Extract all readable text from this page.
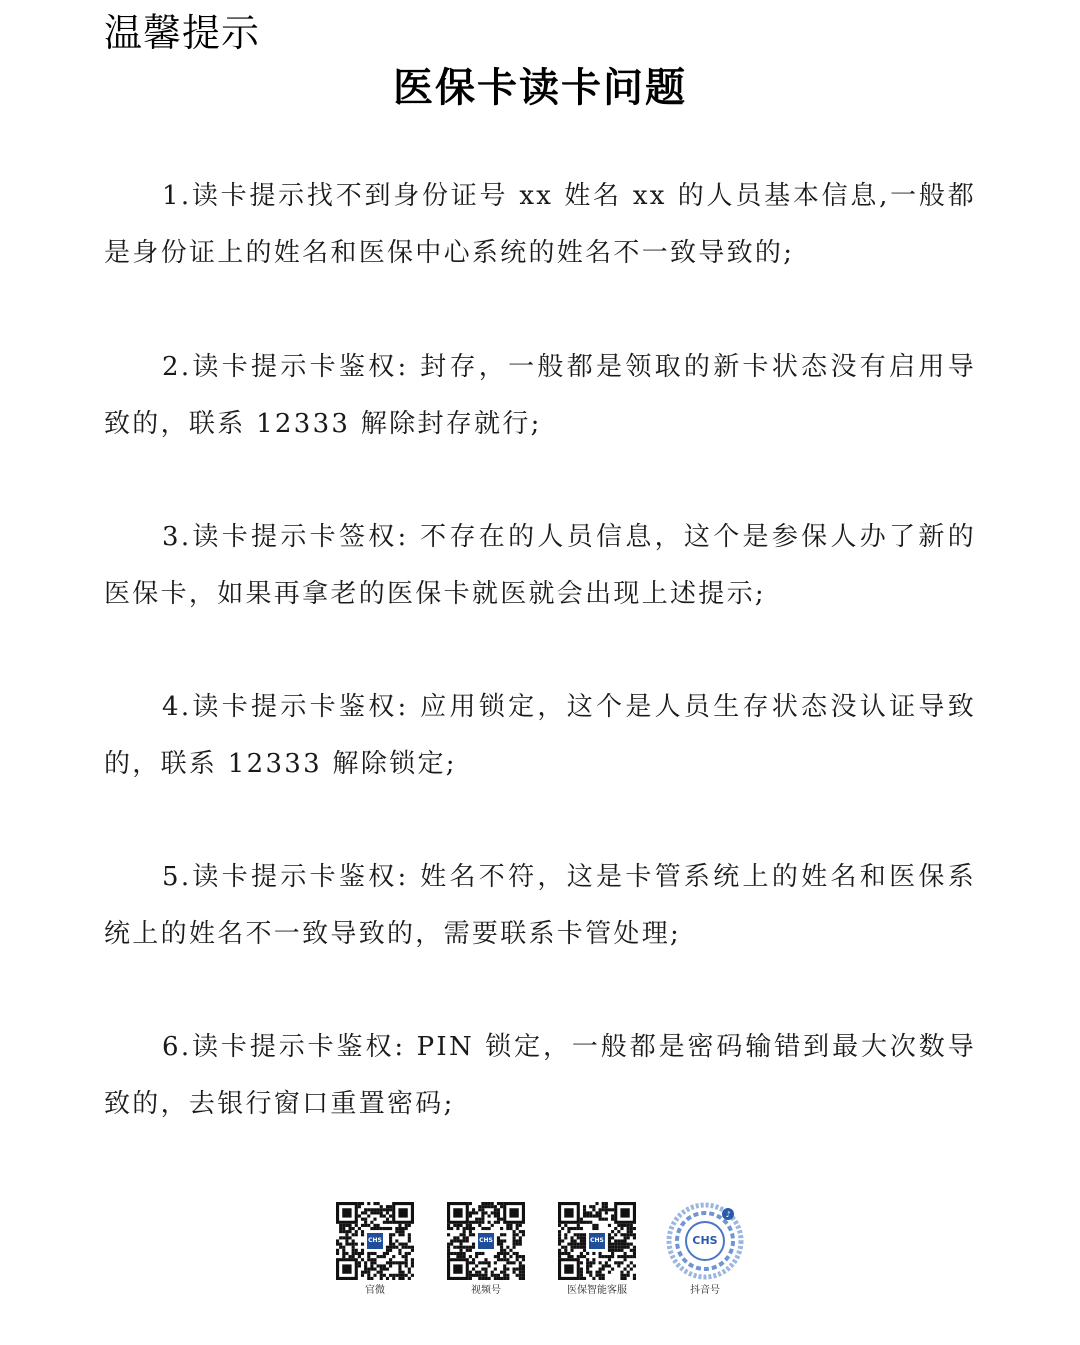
温馨提示
医保卡读卡问题
1.读卡提示找不到身份证号 xx 姓名 xx 的人员基本信息,一般都是身份证上的姓名和医保中心系统的姓名不一致导致的;
2.读卡提示卡鉴权: 封存，一般都是领取的新卡状态没有启用导致的，联系 12333 解除封存就行;
3.读卡提示卡签权: 不存在的人员信息，这个是参保人办了新的医保卡，如果再拿老的医保卡就医就会出现上述提示;
4.读卡提示卡鉴权: 应用锁定，这个是人员生存状态没认证导致的，联系 12333 解除锁定;
5.读卡提示卡鉴权: 姓名不符，这是卡管系统上的姓名和医保系统上的姓名不一致导致的，需要联系卡管处理;
6.读卡提示卡鉴权: PIN 锁定，一般都是密码输错到最大次数导致的，去银行窗口重置密码;
CHS
官微
CHS
视频号
CHS
医保智能客服
♪
CHS
抖音号
